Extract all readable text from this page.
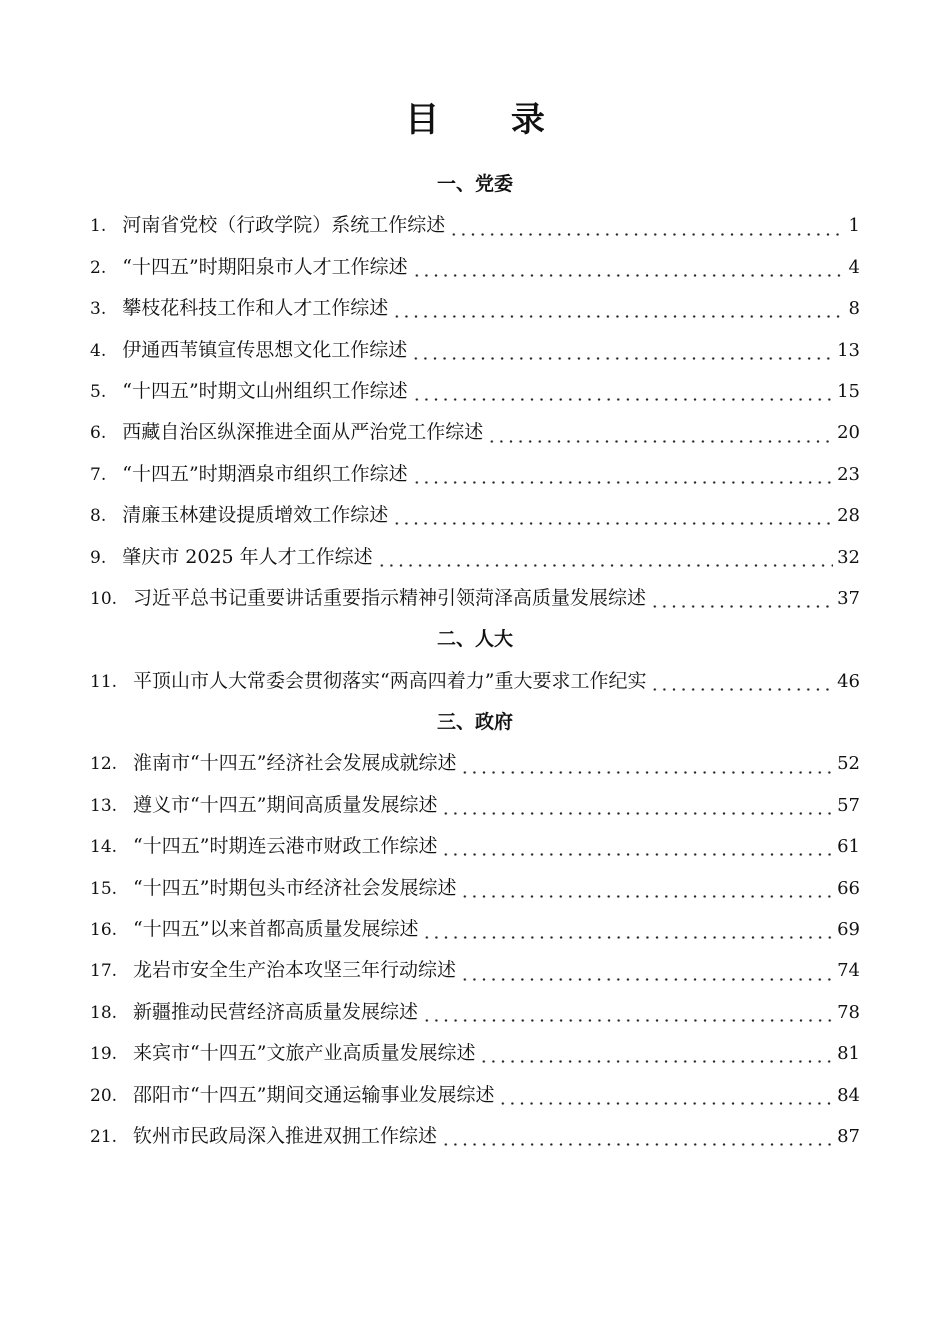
目 录
一、党委
1. 河南省党校（行政学院）系统工作综述	1
2. “十四五”时期阳泉市人才工作综述	4
3. 攀枝花科技工作和人才工作综述	8
4. 伊通西苇镇宣传思想文化工作综述	13
5. “十四五”时期文山州组织工作综述	15
6. 西藏自治区纵深推进全面从严治党工作综述	20
7. “十四五”时期酒泉市组织工作综述	23
8. 清廉玉林建设提质增效工作综述	28
9. 肇庆市 2025 年人才工作综述	32
10. 习近平总书记重要讲话重要指示精神引领菏泽高质量发展综述	37
二、人大
11. 平顶山市人大常委会贯彻落实“两高四着力”重大要求工作纪实	46
三、政府
12. 淮南市“十四五”经济社会发展成就综述	52
13. 遵义市“十四五”期间高质量发展综述	57
14. “十四五”时期连云港市财政工作综述	61
15. “十四五”时期包头市经济社会发展综述	66
16. “十四五”以来首都高质量发展综述	69
17. 龙岩市安全生产治本攻坚三年行动综述	74
18. 新疆推动民营经济高质量发展综述	78
19. 来宾市“十四五”文旅产业高质量发展综述	81
20. 邵阳市“十四五”期间交通运输事业发展综述	84
21. 钦州市民政局深入推进双拥工作综述	87
